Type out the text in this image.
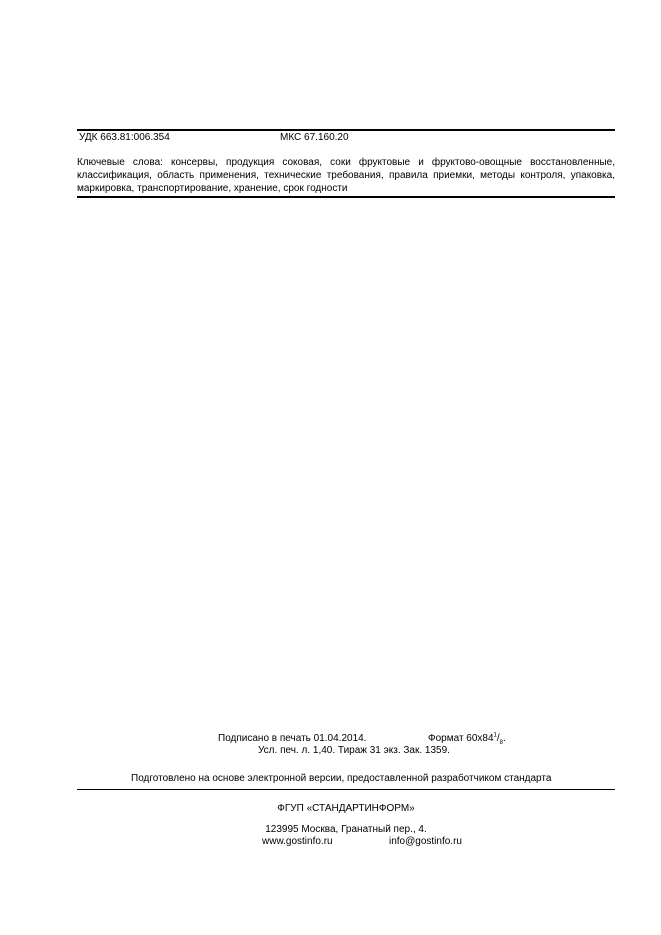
УДК 663.81:006.354	МКС 67.160.20
Ключевые слова: консервы, продукция соковая, соки фруктовые и фруктово-овощные восстановленные, классификация, область применения, технические требования, правила приемки, методы контроля, упаковка, маркировка, транспортирование, хранение, срок годности
Подписано в печать 01.04.2014.	Формат $60x84^1/_8$.
Усл. печ. л. 1,40. Тираж 31 экз. Зак. 1359.
Подготовлено на основе электронной версии, предоставленной разработчиком стандарта
ФГУП «СТАНДАРТИНФОРМ»
123995 Москва, Гранатный пер., 4.
www.gostinfo.ru	info@gostinfo.ru
